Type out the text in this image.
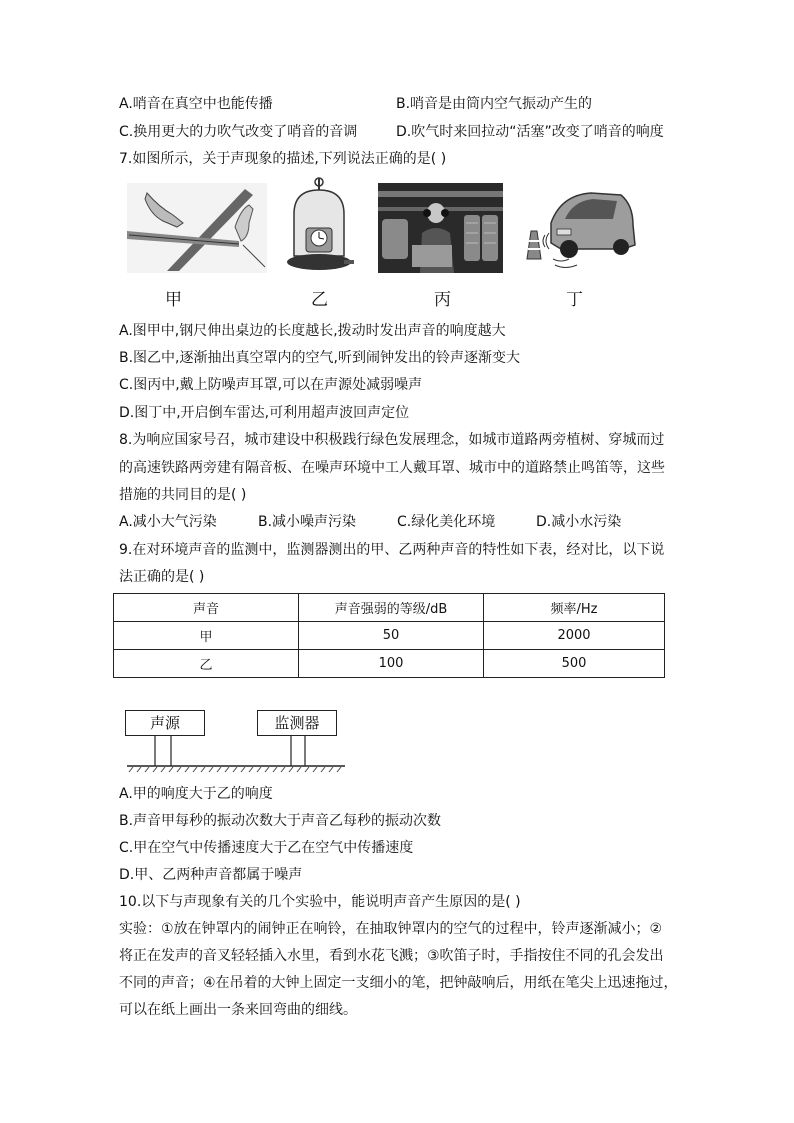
A.哨音在真空中也能传播	B.哨音是由筒内空气振动产生的
C.换用更大的力吹气改变了哨音的音调	D.吹气时来回拉动“活塞”改变了哨音的响度
7.如图所示，关于声现象的描述,下列说法正确的是( )
甲	乙	丙	丁
A.图甲中,钢尺伸出桌边的长度越长,拨动时发出声音的响度越大
B.图乙中,逐渐抽出真空罩内的空气,听到闹钟发出的铃声逐渐变大
C.图丙中,戴上防噪声耳罩,可以在声源处减弱噪声
D.图丁中,开启倒车雷达,可利用超声波回声定位
8.为响应国家号召，城市建设中积极践行绿色发展理念，如城市道路两旁植树、穿城而过
的高速铁路两旁建有隔音板、在噪声环境中工人戴耳罩、城市中的道路禁止鸣笛等，这些
措施的共同目的是( )
A.减小大气污染	B.减小噪声污染	C.绿化美化环境	D.减小水污染
9.在对环境声音的监测中，监测器测出的甲、乙两种声音的特性如下表，经对比，以下说
法正确的是( )
声音	声音强弱的等级/dB	频率/Hz
甲	50	2000
乙	100	500
声源	监测器
A.甲的响度大于乙的响度
B.声音甲每秒的振动次数大于声音乙每秒的振动次数
C.甲在空气中传播速度大于乙在空气中传播速度
D.甲、乙两种声音都属于噪声
10.以下与声现象有关的几个实验中，能说明声音产生原因的是( )
实验：①放在钟罩内的闹钟正在响铃，在抽取钟罩内的空气的过程中，铃声逐渐减小；②
将正在发声的音叉轻轻插入水里，看到水花飞溅；③吹笛子时，手指按住不同的孔会发出
不同的声音；④在吊着的大钟上固定一支细小的笔，把钟敲响后，用纸在笔尖上迅速拖过，
可以在纸上画出一条来回弯曲的细线。
